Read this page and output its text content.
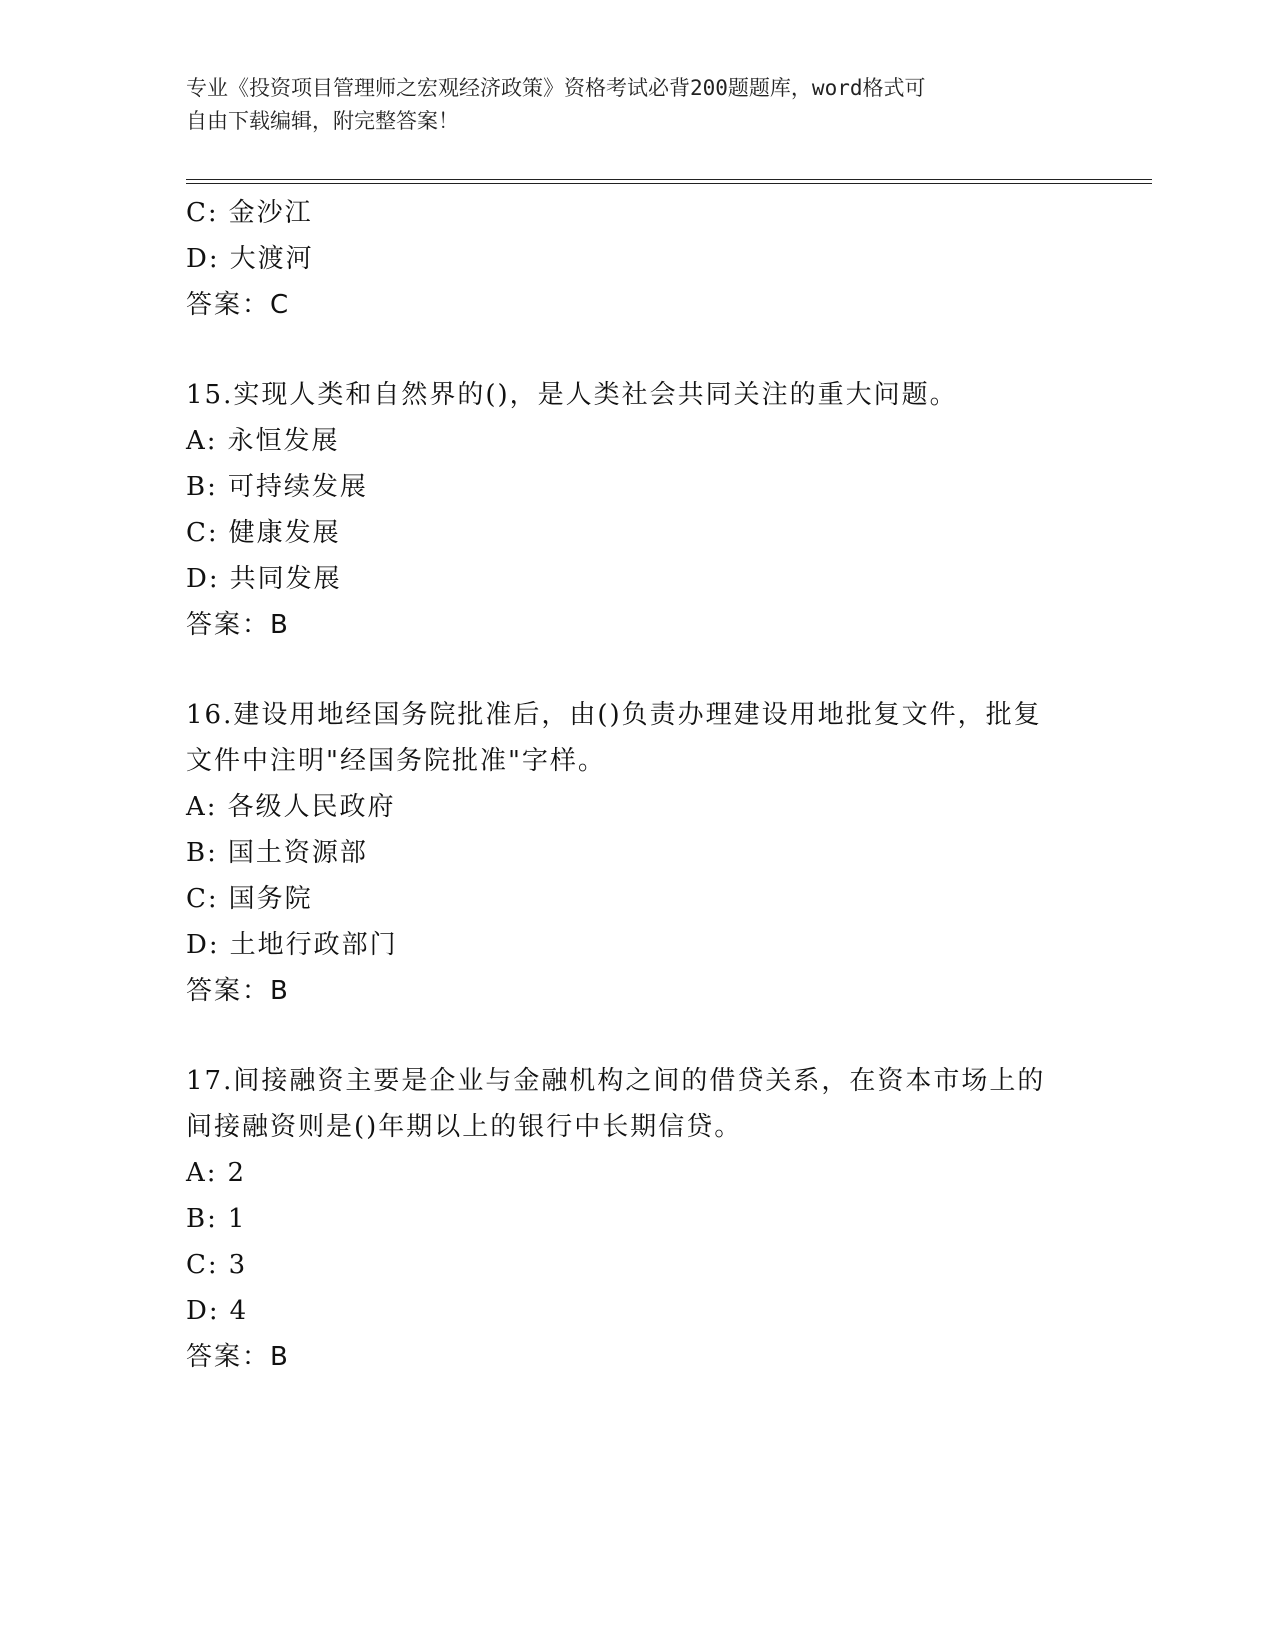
专业《投资项目管理师之宏观经济政策》资格考试必背200题题库，word格式可
自由下载编辑，附完整答案！
C: 金沙江
D: 大渡河
答案：C
15.实现人类和自然界的()，是人类社会共同关注的重大问题。
A: 永恒发展
B: 可持续发展
C: 健康发展
D: 共同发展
答案：B
16.建设用地经国务院批准后，由()负责办理建设用地批复文件，批复
文件中注明"经国务院批准"字样。
A: 各级人民政府
B: 国土资源部
C: 国务院
D: 土地行政部门
答案：B
17.间接融资主要是企业与金融机构之间的借贷关系，在资本市场上的
间接融资则是()年期以上的银行中长期信贷。
A: 2
B: 1
C: 3
D: 4
答案：B
